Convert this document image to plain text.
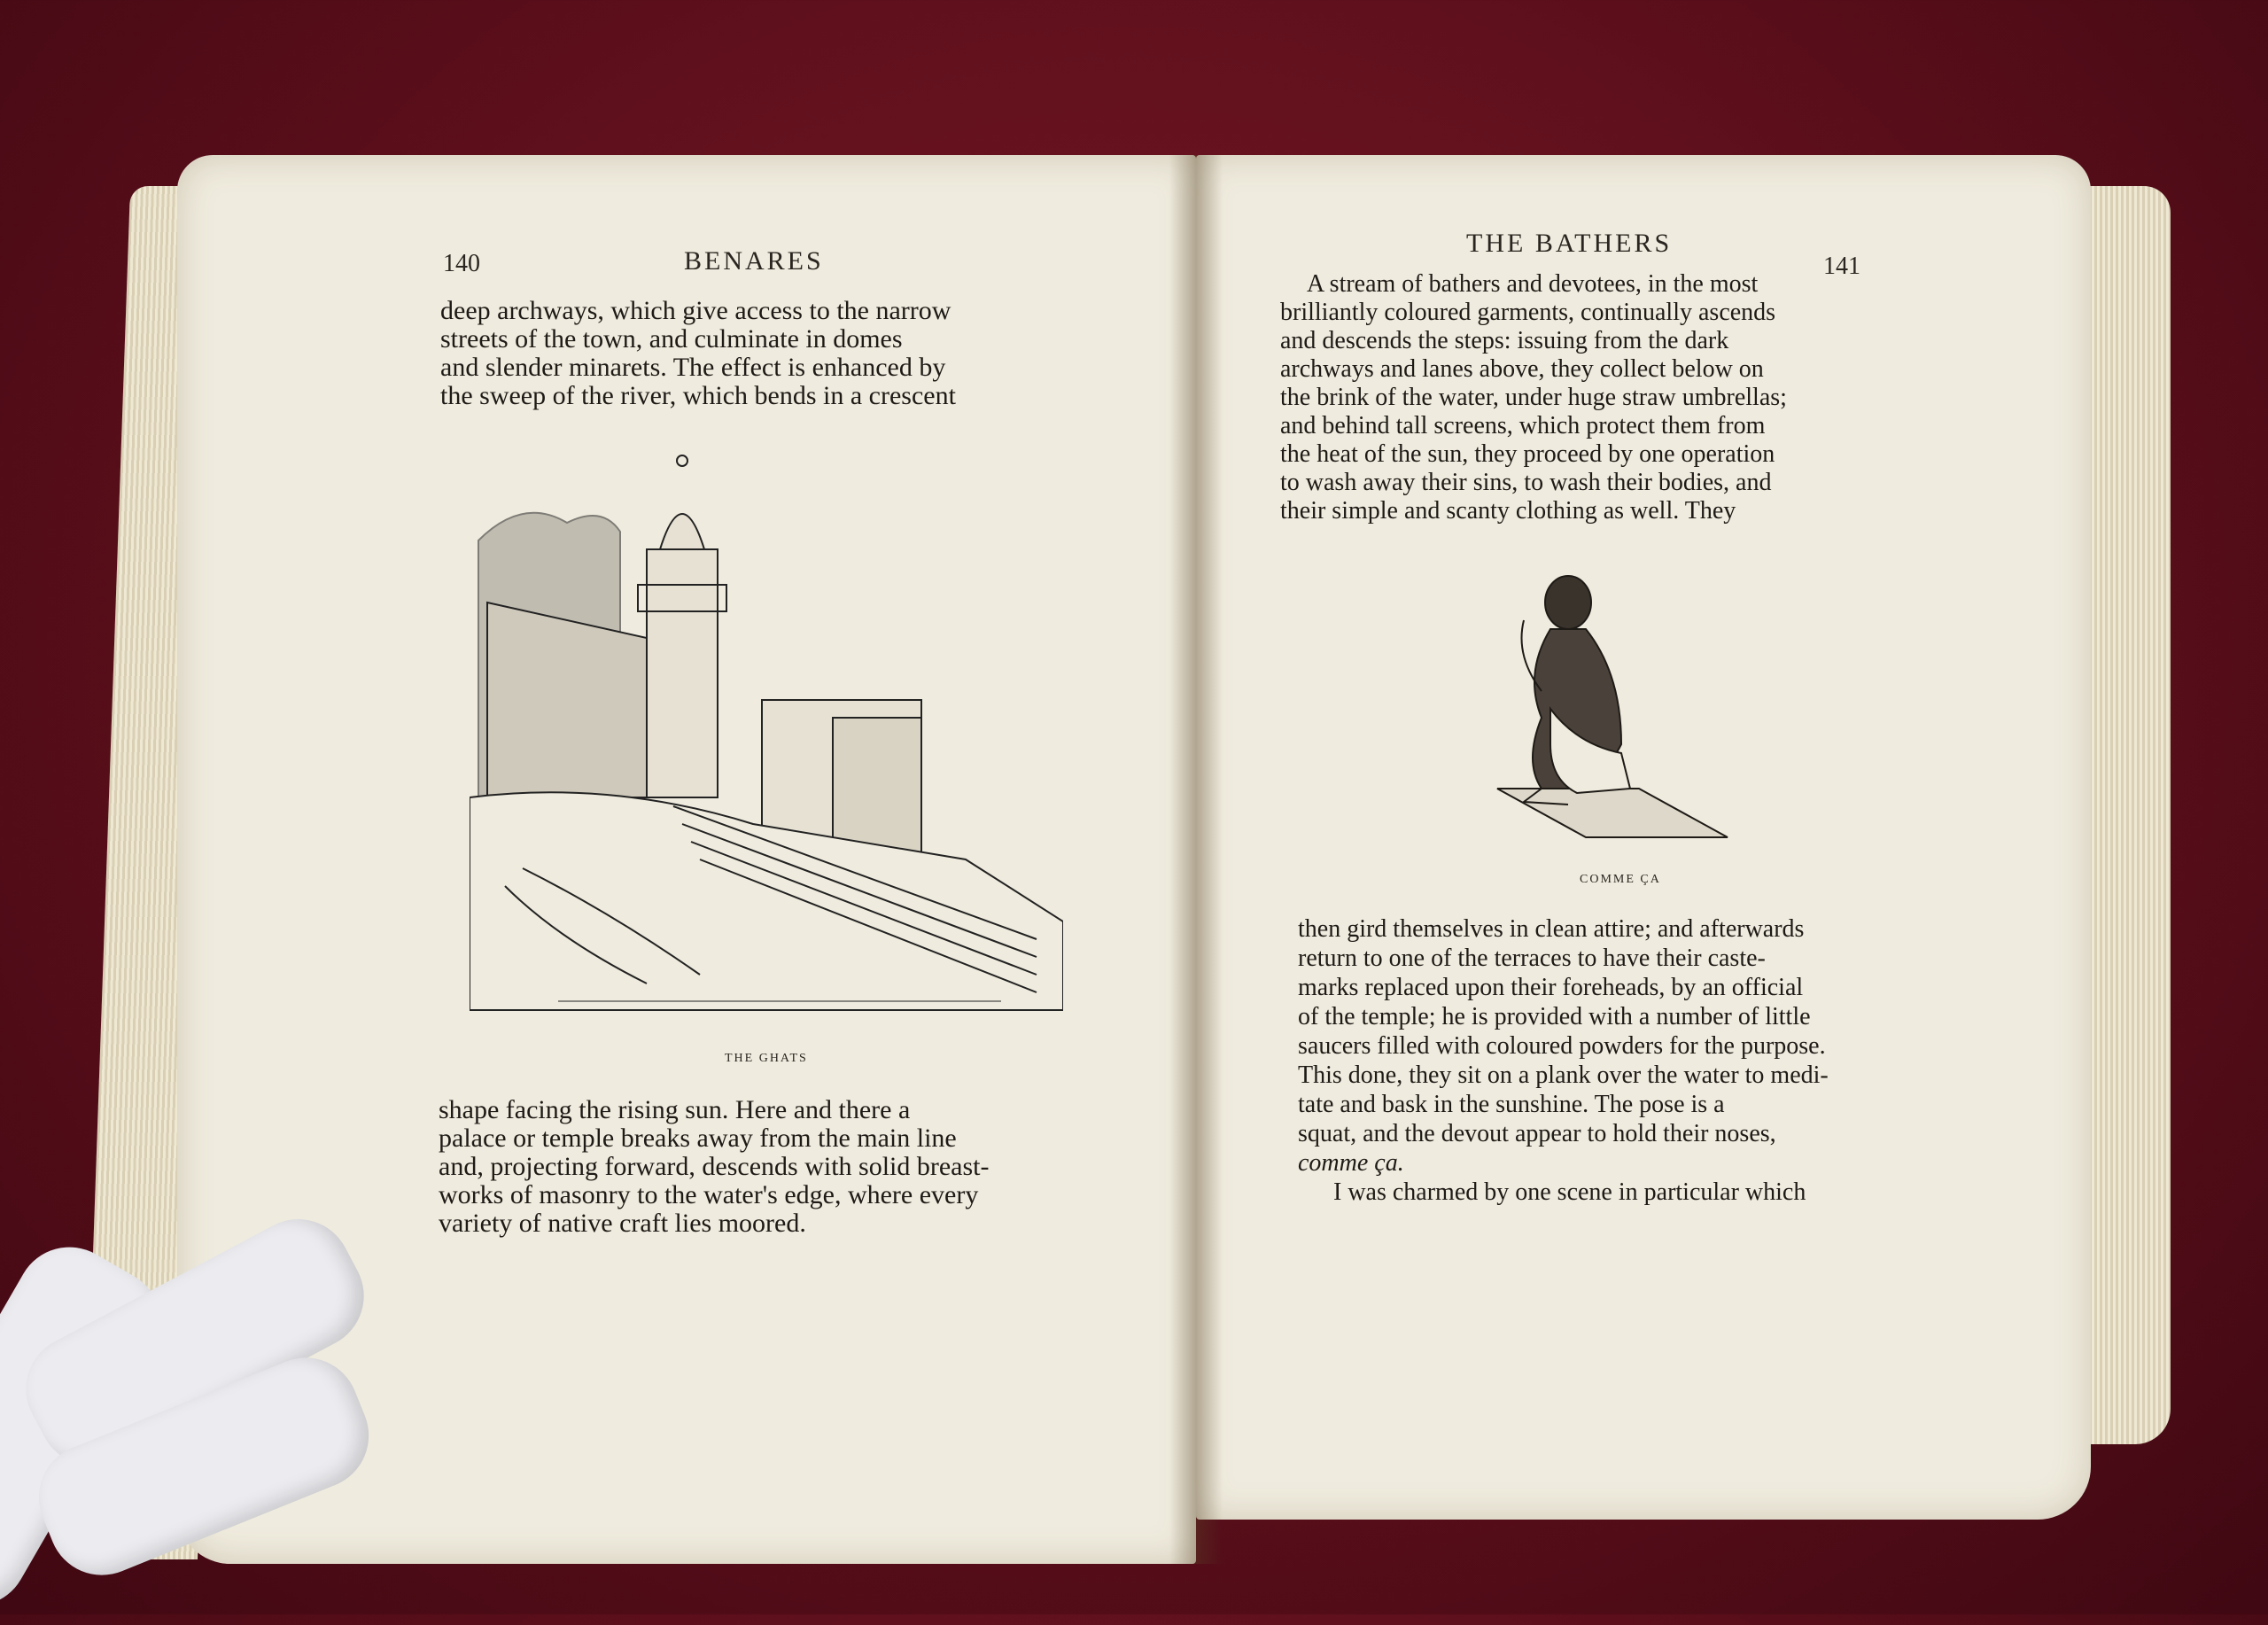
140	BENARES
deep archways, which give access to the narrow
streets of the town, and culminate in domes
and slender minarets. The effect is enhanced by
the sweep of the river, which bends in a crescent
THE GHATS
shape facing the rising sun. Here and there a
palace or temple breaks away from the main line
and, projecting forward, descends with solid breast-
works of masonry to the water's edge, where every
variety of native craft lies moored.
THE BATHERS
141
A stream of bathers and devotees, in the most
brilliantly coloured garments, continually ascends
and descends the steps: issuing from the dark
archways and lanes above, they collect below on
the brink of the water, under huge straw umbrellas;
and behind tall screens, which protect them from
the heat of the sun, they proceed by one operation
to wash away their sins, to wash their bodies, and
their simple and scanty clothing as well. They
COMME ÇA
then gird themselves in clean attire; and afterwards
return to one of the terraces to have their caste-
marks replaced upon their foreheads, by an official
of the temple; he is provided with a number of little
saucers filled with coloured powders for the purpose.
This done, they sit on a plank over the water to medi-
tate and bask in the sunshine. The pose is a
squat, and the devout appear to hold their noses,
comme ça.
I was charmed by one scene in particular which
